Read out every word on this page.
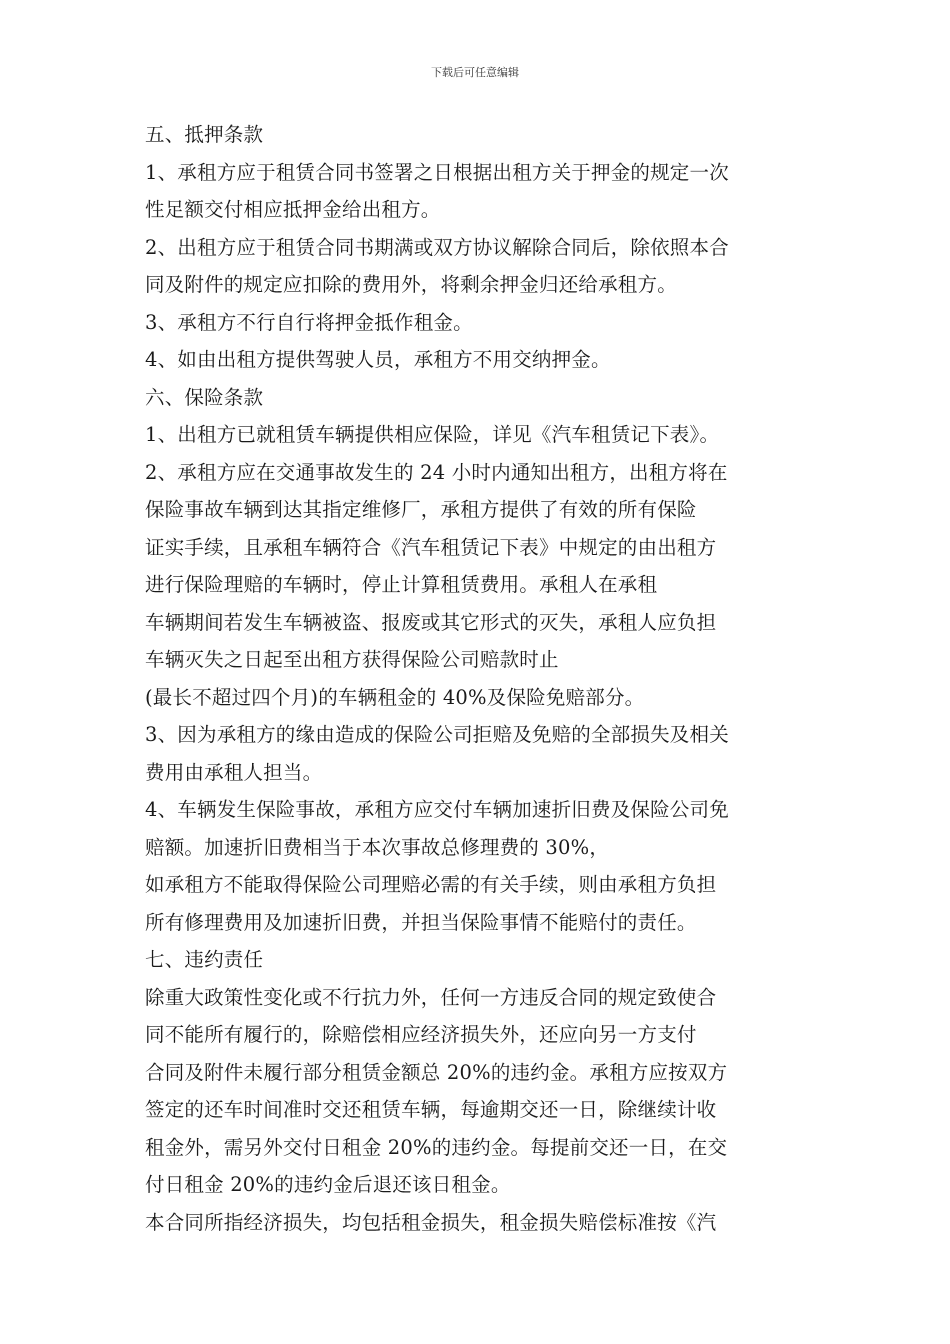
下载后可任意编辑
五、抵押条款
1、承租方应于租赁合同书签署之日根据出租方关于押金的规定一次
性足额交付相应抵押金给出租方。
2、出租方应于租赁合同书期满或双方协议解除合同后，除依照本合
同及附件的规定应扣除的费用外，将剩余押金归还给承租方。
3、承租方不行自行将押金抵作租金。
4、如由出租方提供驾驶人员，承租方不用交纳押金。
六、保险条款
1、出租方已就租赁车辆提供相应保险，详见《汽车租赁记下表》。
2、承租方应在交通事故发生的 24 小时内通知出租方，出租方将在
保险事故车辆到达其指定维修厂，承租方提供了有效的所有保险
证实手续，且承租车辆符合《汽车租赁记下表》中规定的由出租方
进行保险理赔的车辆时，停止计算租赁费用。承租人在承租
车辆期间若发生车辆被盗、报废或其它形式的灭失，承租人应负担
车辆灭失之日起至出租方获得保险公司赔款时止
(最长不超过四个月)的车辆租金的 40%及保险免赔部分。
3、因为承租方的缘由造成的保险公司拒赔及免赔的全部损失及相关
费用由承租人担当。
4、车辆发生保险事故，承租方应交付车辆加速折旧费及保险公司免
赔额。加速折旧费相当于本次事故总修理费的 30%，
如承租方不能取得保险公司理赔必需的有关手续，则由承租方负担
所有修理费用及加速折旧费，并担当保险事情不能赔付的责任。
七、违约责任
除重大政策性变化或不行抗力外，任何一方违反合同的规定致使合
同不能所有履行的，除赔偿相应经济损失外，还应向另一方支付
合同及附件未履行部分租赁金额总 20%的违约金。承租方应按双方
签定的还车时间准时交还租赁车辆，每逾期交还一日，除继续计收
租金外，需另外交付日租金 20%的违约金。每提前交还一日，在交
付日租金 20%的违约金后退还该日租金。
本合同所指经济损失，均包括租金损失，租金损失赔偿标准按《汽
